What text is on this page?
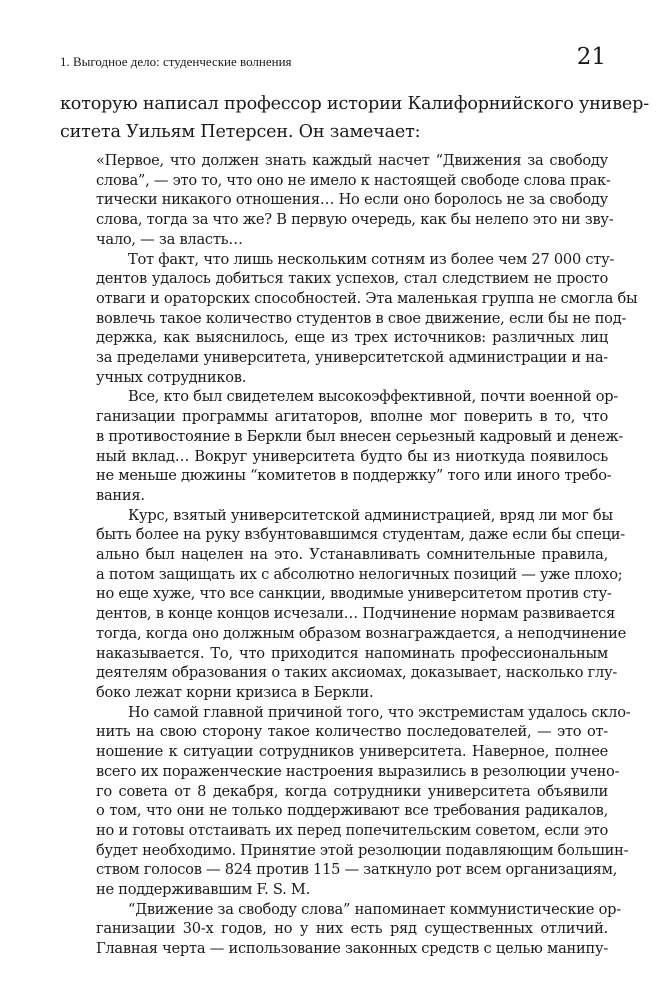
1. Выгодное дело: студенческие волнения	21
которую написал профессор истории Калифорнийского универ-
ситета Уильям Петерсен. Он замечает:
«Первое, что должен знать каждый насчет “Движения за свободу
слова”, — это то, что оно не имело к настоящей свободе слова прак-
тически никакого отношения… Но если оно боролось не за свободу
слова, тогда за что же? В первую очередь, как бы нелепо это ни зву-
чало, — за власть…
Тот факт, что лишь нескольким сотням из более чем 27 000 сту-
дентов удалось добиться таких успехов, стал следствием не просто
отваги и ораторских способностей. Эта маленькая группа не смогла бы
вовлечь такое количество студентов в свое движение, если бы не под-
держка, как выяснилось, еще из трех источников: различных лиц
за пределами университета, университетской администрации и на-
учных сотрудников.
Все, кто был свидетелем высокоэффективной, почти военной ор-
ганизации программы агитаторов, вполне мог поверить в то, что
в противостояние в Беркли был внесен серьезный кадровый и денеж-
ный вклад… Вокруг университета будто бы из ниоткуда появилось
не меньше дюжины “комитетов в поддержку” того или иного требо-
вания.
Курс, взятый университетской администрацией, вряд ли мог бы
быть более на руку взбунтовавшимся студентам, даже если бы специ-
ально был нацелен на это. Устанавливать сомнительные правила,
а потом защищать их с абсолютно нелогичных позиций — уже плохо;
но еще хуже, что все санкции, вводимые университетом против сту-
дентов, в конце концов исчезали… Подчинение нормам развивается
тогда, когда оно должным образом вознаграждается, а неподчинение
наказывается. То, что приходится напоминать профессиональным
деятелям образования о таких аксиомах, доказывает, насколько глу-
боко лежат корни кризиса в Беркли.
Но самой главной причиной того, что экстремистам удалось скло-
нить на свою сторону такое количество последователей, — это от-
ношение к ситуации сотрудников университета. Наверное, полнее
всего их пораженческие настроения выразились в резолюции учено-
го совета от 8 декабря, когда сотрудники университета объявили
о том, что они не только поддерживают все требования радикалов,
но и готовы отстаивать их перед попечительским советом, если это
будет необходимо. Принятие этой резолюции подавляющим большин-
ством голосов — 824 против 115 — заткнуло рот всем организациям,
не поддерживавшим F. S. M.
“Движение за свободу слова” напоминает коммунистические ор-
ганизации 30-х годов, но у них есть ряд существенных отличий.
Главная черта — использование законных средств с целью манипу-
